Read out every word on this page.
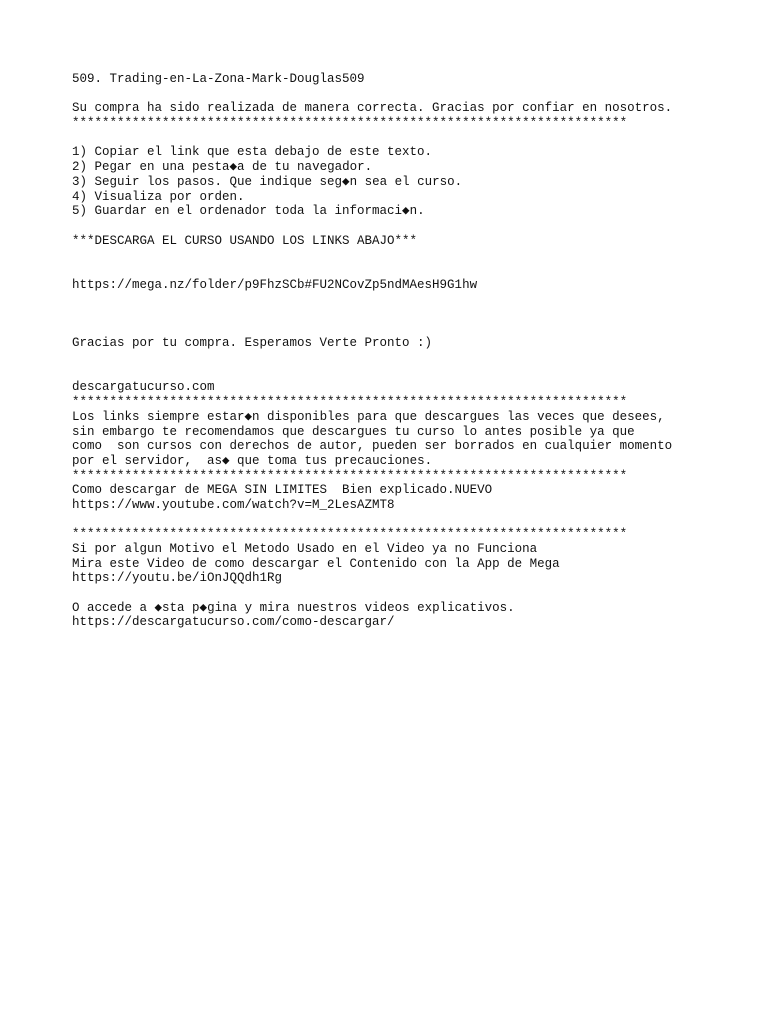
509. Trading-en-La-Zona-Mark-Douglas509
Su compra ha sido realizada de manera correcta. Gracias por confiar en nosotros.
**************************************************************************
1) Copiar el link que esta debajo de este texto.
2) Pegar en una pesta◆a de tu navegador.
3) Seguir los pasos. Que indique seg◆n sea el curso.
4) Visualiza por orden.
5) Guardar en el ordenador toda la informaci◆n.
***DESCARGA EL CURSO USANDO LOS LINKS ABAJO***
https://mega.nz/folder/p9FhzSCb#FU2NCovZp5ndMAesH9G1hw
Gracias por tu compra. Esperamos Verte Pronto :)
descargatucurso.com
**************************************************************************
Los links siempre estar◆n disponibles para que descargues las veces que desees,
sin embargo te recomendamos que descargues tu curso lo antes posible ya que
como  son cursos con derechos de autor, pueden ser borrados en cualquier momento
por el servidor,  as◆ que toma tus precauciones.
**************************************************************************
Como descargar de MEGA SIN LIMITES  Bien explicado.NUEVO
https://www.youtube.com/watch?v=M_2LesAZMT8
**************************************************************************
Si por algun Motivo el Metodo Usado en el Video ya no Funciona
Mira este Video de como descargar el Contenido con la App de Mega
https://youtu.be/iOnJQQdh1Rg
O accede a ◆sta p◆gina y mira nuestros videos explicativos.
https://descargatucurso.com/como-descargar/
